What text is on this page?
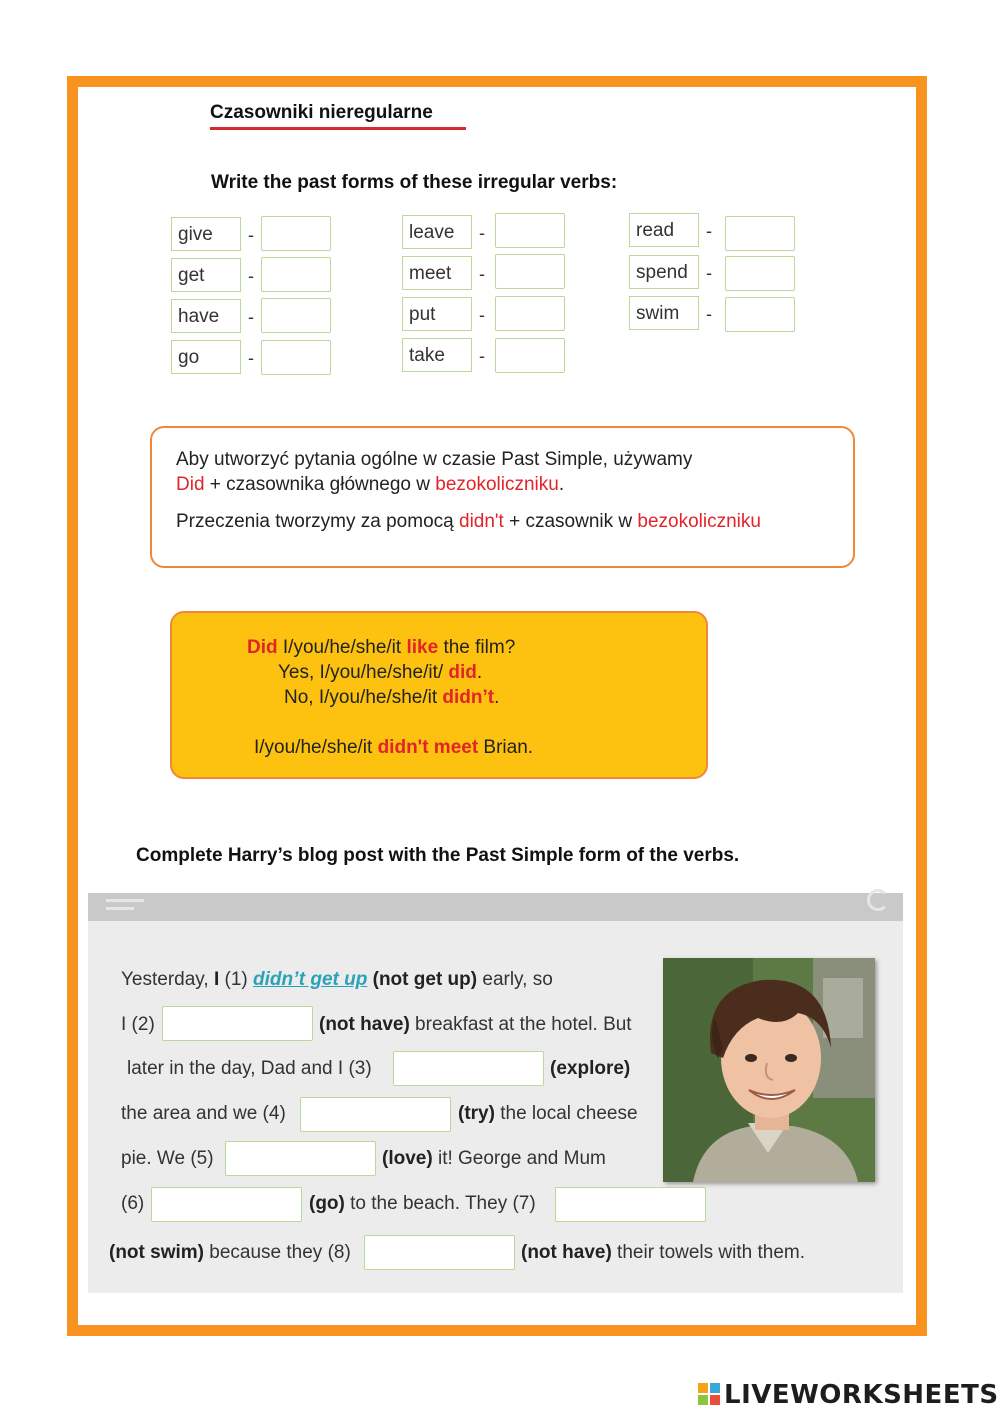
Czasowniki nieregularne
Write the past forms of these irregular verbs:
give	-
get	-
have	-
go	-
leave	-
meet	-
put	-
take	-
read	-
spend	-
swim	-
Aby utworzyć pytania ogólne w czasie Past Simple, używamy
Did + czasownika głównego w bezokoliczniku.
Przeczenia tworzymy za pomocą didn't + czasownik w bezokoliczniku
Did I/you/he/she/it like the film?
Yes, I/you/he/she/it/ did.
No, I/you/he/she/it didn’t.
I/you/he/she/it didn't meet Brian.
Complete Harry’s blog post with the Past Simple form of the verbs.
Yesterday, I (1) didn’t get up (not get up) early, so
I (2)	(not have) breakfast at the hotel. But
later in the day, Dad and I (3)	(explore)
the area and we (4)	(try) the local cheese
pie. We (5)	(love) it! George and Mum
(6)	(go) to the beach. They (7)
(not swim) because they (8)	(not have) their towels with them.
LIVEWORKSHEETS
